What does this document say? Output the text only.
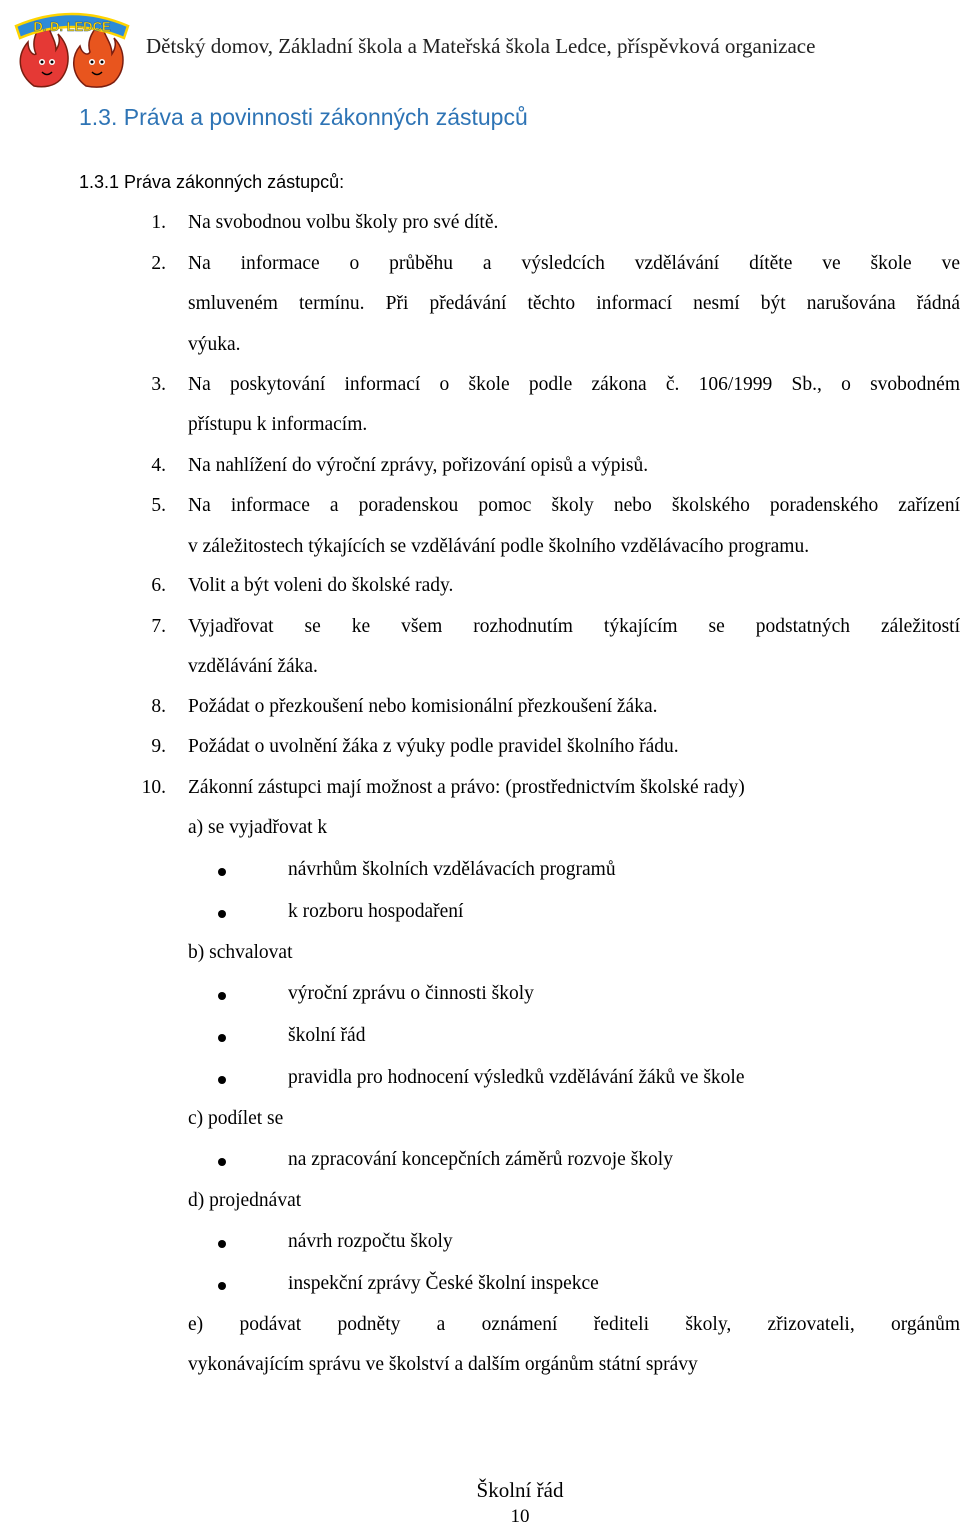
D. D. LEDCE
Dětský domov, Základní škola a Mateřská škola Ledce, příspěvková organizace
1.3. Práva a povinnosti zákonných zástupců
1.3.1 Práva zákonných zástupců:
1. Na svobodnou volbu školy pro své dítě.
2. Na informace o průběhu a výsledcích vzdělávání dítěte ve škole ve
smluveném termínu. Při předávání těchto informací nesmí být narušována řádná
výuka.
3. Na poskytování informací o škole podle zákona č. 106/1999 Sb., o svobodném
přístupu k informacím.
4. Na nahlížení do výroční zprávy, pořizování opisů a výpisů.
5. Na informace a poradenskou pomoc školy nebo školského poradenského zařízení
v záležitostech týkajících se vzdělávání podle školního vzdělávacího programu.
6. Volit a být voleni do školské rady.
7. Vyjadřovat se ke všem rozhodnutím týkajícím se podstatných záležitostí
vzdělávání žáka.
8. Požádat o přezkoušení nebo komisionální přezkoušení žáka.
9. Požádat o uvolnění žáka z výuky podle pravidel školního řádu.
10. Zákonní zástupci mají možnost a právo: (prostřednictvím školské rady)
a) se vyjadřovat k
návrhům školních vzdělávacích programů
k rozboru hospodaření
b) schvalovat
výroční zprávu o činnosti školy
školní řád
pravidla pro hodnocení výsledků vzdělávání žáků ve škole
c) podílet se
na zpracování koncepčních záměrů rozvoje školy
d) projednávat
návrh rozpočtu školy
inspekční zprávy České školní inspekce
e) podávat podněty a oznámení řediteli školy, zřizovateli, orgánům
vykonávajícím správu ve školství a dalším orgánům státní správy
Školní řád
10
